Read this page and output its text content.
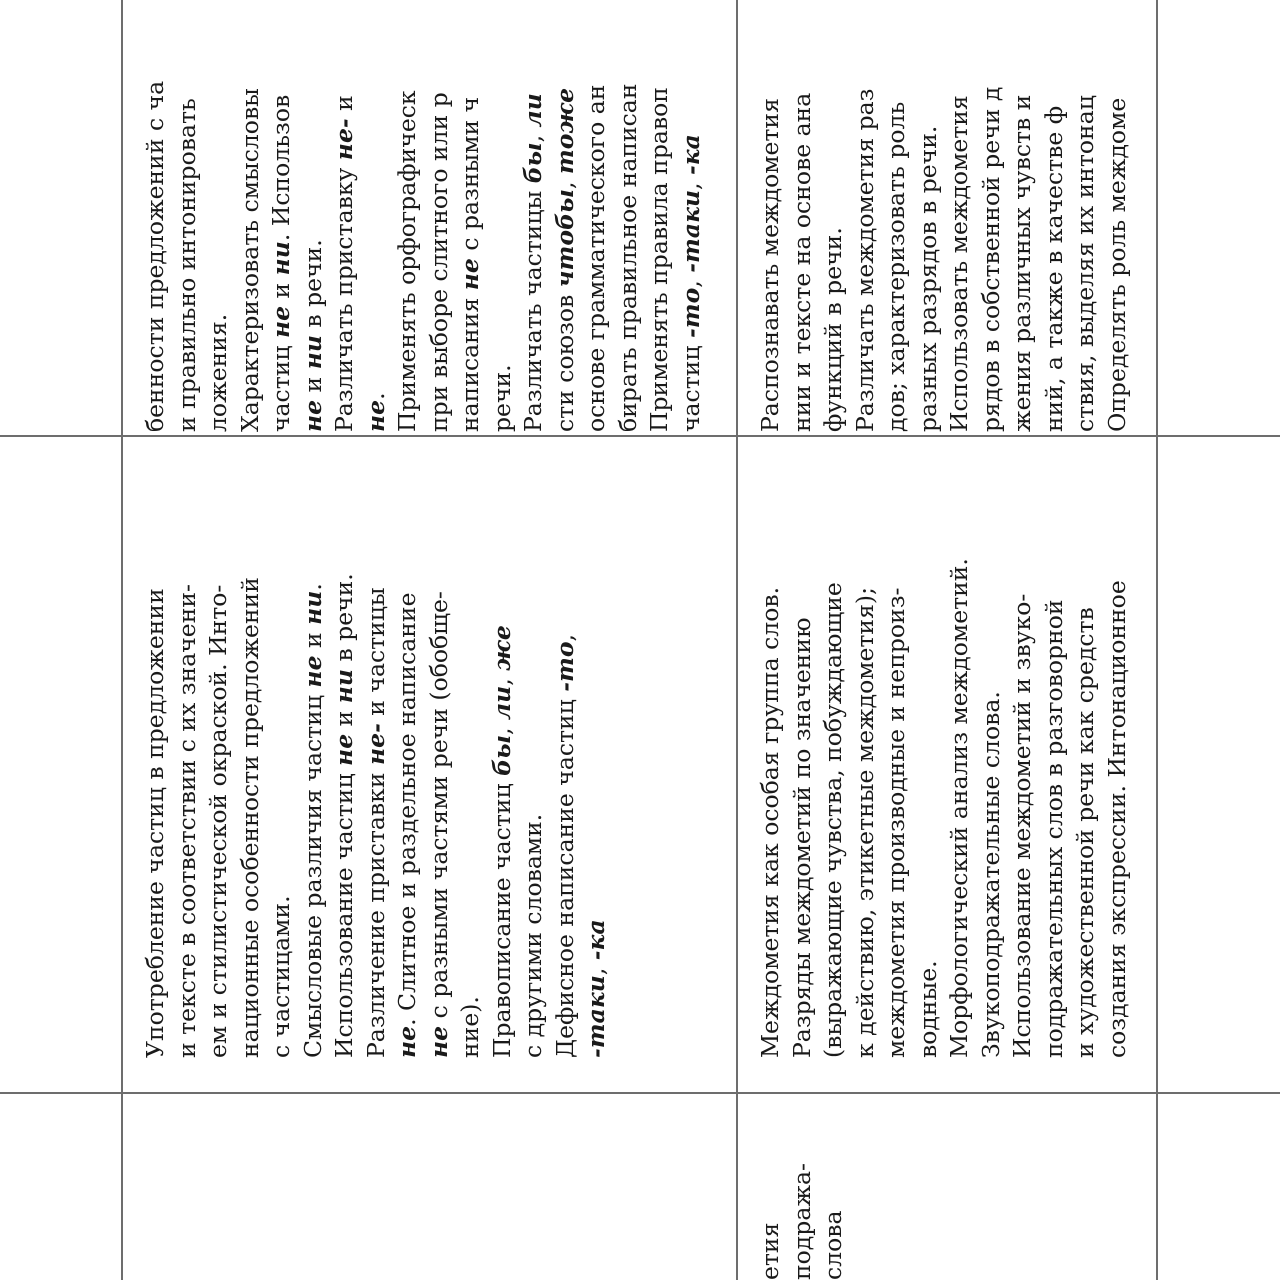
Употребление частиц в предложении и тексте в соответствии с их значени- ем и стилистической окраской. Инто- национные особенности предложений с частицами. Смысловые различия частиц не и ни.
Использование частиц не и ни в речи.
Различение приставки не- и частицы
не. Слитное и раздельное написание
не с разными частями речи (обобще-
ние). Правописание частиц бы, ли, же
с другими словами. Дефисное написание частиц -то,
-таки, -ка
бенности предложений с ча и правильно интонировать ложения. Характеризовать смысловы частиц не и ни. Использов
не и ни в речи. Различать приставку не- и
не. Применять орфографическ при выборе слитного или р написания не с разными ч
речи. Различать частицы бы, ли
сти союзов чтобы, тоже основе грамматического ан бирать правильное написан Применять правила правоп частиц -то, -таки, -ка
етия подража- слова
Междометия как особая группа слов. Разряды междометий по значению (выражающие чувства, побуждающие к действию, этикетные междометия); междометия производные и непроиз- водные. Морфологический анализ междометий. Звукоподражательные слова. Использование междометий и звуко- подражательных слов в разговорной и художественной речи как средств создания экспрессии. Интонационное
Распознавать междометия нии и тексте на основе ана функций в речи. Различать междометия раз дов; характеризовать роль разных разрядов в речи. Использовать междометия рядов в собственной речи д жения различных чувств и ний, а также в качестве ф ствия, выделяя их интонац Определять роль междоме
